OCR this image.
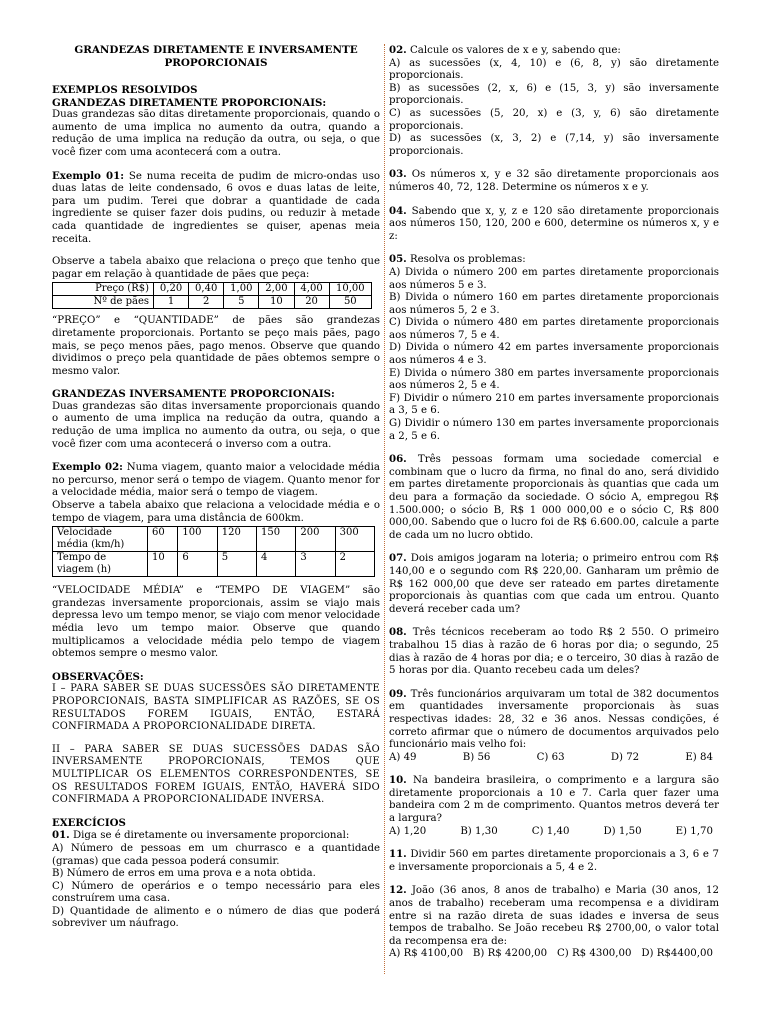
GRANDEZAS DIRETAMENTE E INVERSAMENTE
PROPORCIONAIS
EXEMPLOS RESOLVIDOS
GRANDEZAS DIRETAMENTE PROPORCIONAIS:

Duas grandezas são ditas diretamente proporcionais, quando o aumento de uma implica no aumento da outra, quando a redução de uma implica na redução da outra, ou seja, o que você fizer com uma acontecerá com a outra.

Exemplo 01: Se numa receita de pudim de micro-ondas uso duas latas de leite condensado, 6 ovos e duas latas de leite, para um pudim. Terei que dobrar a quantidade de cada ingrediente se quiser fazer dois pudins, ou reduzir à metade cada quantidade de ingredientes se quiser, apenas meia receita.

Observe a tabela abaixo que relaciona o preço que tenho que pagar em relação à quantidade de pães que peça:

Preço (R$)	0,20	0,40	1,00	2,00	4,00	10,00
Nº de pães	1	2	5	10	20	50

“PREÇO” e “QUANTIDADE” de pães são grandezas diretamente proporcionais. Portanto se peço mais pães, pago mais, se peço menos pães, pago menos. Observe que quando dividimos o preço pela quantidade de pães obtemos sempre o mesmo valor.

GRANDEZAS INVERSAMENTE PROPORCIONAIS:

Duas grandezas são ditas inversamente proporcionais quando o aumento de uma implica na redução da outra, quando a redução de uma implica no aumento da outra, ou seja, o que você fizer com uma acontecerá o inverso com a outra.

Exemplo 02: Numa viagem, quanto maior a velocidade média no percurso, menor será o tempo de viagem. Quanto menor for a velocidade média, maior será o tempo de viagem.

Observe a tabela abaixo que relaciona a velocidade média e o tempo de viagem, para uma distância de 600km.

Velocidade média (km/h)	60	100	120	150	200	300
Tempo de viagem (h)	10	6	5	4	3	2

“VELOCIDADE MÉDIA” e “TEMPO DE VIAGEM” são grandezas inversamente proporcionais, assim se viajo mais depressa levo um tempo menor, se viajo com menor velocidade média levo um tempo maior. Observe que quando multiplicamos a velocidade média pelo tempo de viagem obtemos sempre o mesmo valor.

OBSERVAÇÕES:

I – PARA SABER SE DUAS SUCESSÕES SÃO DIRETAMENTE PROPORCIONAIS, BASTA SIMPLIFICAR AS RAZÕES, SE OS RESULTADOS FOREM IGUAIS, ENTÃO, ESTARÁ CONFIRMADA A PROPORCIONALIDADE DIRETA.

II – PARA SABER SE DUAS SUCESSÕES DADAS SÃO INVERSAMENTE PROPORCIONAIS, TEMOS QUE MULTIPLICAR OS ELEMENTOS CORRESPONDENTES, SE OS RESULTADOS FOREM IGUAIS, ENTÃO, HAVERÁ SIDO CONFIRMADA A PROPORCIONALIDADE INVERSA.

EXERCÍCIOS

01. Diga se é diretamente ou inversamente proporcional:

A) Número de pessoas em um churrasco e a quantidade (gramas) que cada pessoa poderá consumir.

B) Número de erros em uma prova e a nota obtida.

C) Número de operários e o tempo necessário para eles construírem uma casa.

D) Quantidade de alimento e o número de dias que poderá sobreviver um náufrago.

02. Calcule os valores de x e y, sabendo que:

A) as sucessões (x, 4, 10) e (6, 8, y) são diretamente proporcionais.

B) as sucessões (2, x, 6) e (15, 3, y) são inversamente proporcionais.

C) as sucessões (5, 20, x) e (3, y, 6) são diretamente proporcionais.

D) as sucessões (x, 3, 2) e (7,14, y) são inversamente proporcionais.

03. Os números x, y e 32 são diretamente proporcionais aos números 40, 72, 128. Determine os números x e y.

04. Sabendo que x, y, z e 120 são diretamente proporcionais aos números 150, 120, 200 e 600, determine os números x, y e z:

05. Resolva os problemas:

A) Divida o número 200 em partes diretamente proporcionais aos números 5 e 3.

B) Divida o número 160 em partes diretamente proporcionais aos números 5, 2 e 3.

C) Divida o número 480 em partes diretamente proporcionais aos números 7, 5 e 4.

D) Divida o número 42 em partes inversamente proporcionais aos números 4 e 3.

E) Divida o número 380 em partes inversamente proporcionais aos números 2, 5 e 4.

F) Dividir o número 210 em partes inversamente proporcionais a 3, 5 e 6.

G) Dividir o número 130 em partes inversamente proporcionais a 2, 5 e 6.

06. Três pessoas formam uma sociedade comercial e combinam que o lucro da firma, no final do ano, será dividido em partes diretamente proporcionais às quantias que cada um deu para a formação da sociedade. O sócio A, empregou R$ 1.500.000; o sócio B, R$ 1 000 000,00 e o sócio C, R$ 800 000,00. Sabendo que o lucro foi de R$ 6.600.00, calcule a parte de cada um no lucro obtido.

07. Dois amigos jogaram na loteria; o primeiro entrou com R$ 140,00 e o segundo com R$ 220,00. Ganharam um prêmio de R$ 162 000,00 que deve ser rateado em partes diretamente proporcionais às quantias com que cada um entrou. Quanto deverá receber cada um?

08. Três técnicos receberam ao todo R$ 2 550. O primeiro trabalhou 15 dias à razão de 6 horas por dia; o segundo, 25 dias à razão de 4 horas por dia; e o terceiro, 30 dias à razão de 5 horas por dia. Quanto recebeu cada um deles?

09. Três funcionários arquivaram um total de 382 documentos em quantidades inversamente proporcionais às suas respectivas idades: 28, 32 e 36 anos. Nessas condições, é correto afirmar que o número de documentos arquivados pelo funcionário mais velho foi:

A) 49	B) 56	C) 63	D) 72	E) 84

10. Na bandeira brasileira, o comprimento e a largura são diretamente proporcionais a 10 e 7. Carla quer fazer uma bandeira com 2 m de comprimento. Quantos metros deverá ter a largura?

A) 1,20	B) 1,30	C) 1,40	D) 1,50	E) 1,70

11. Dividir 560 em partes diretamente proporcionais a 3, 6 e 7 e inversamente proporcionais a 5, 4 e 2.

12. João (36 anos, 8 anos de trabalho) e Maria (30 anos, 12 anos de trabalho) receberam uma recompensa e a dividiram entre si na razão direta de suas idades e inversa de seus tempos de trabalho. Se João recebeu R$ 2700,00, o valor total da recompensa era de:

A) R$ 4100,00 B) R$ 4200,00 C) R$ 4300,00 D) R$4400,00
